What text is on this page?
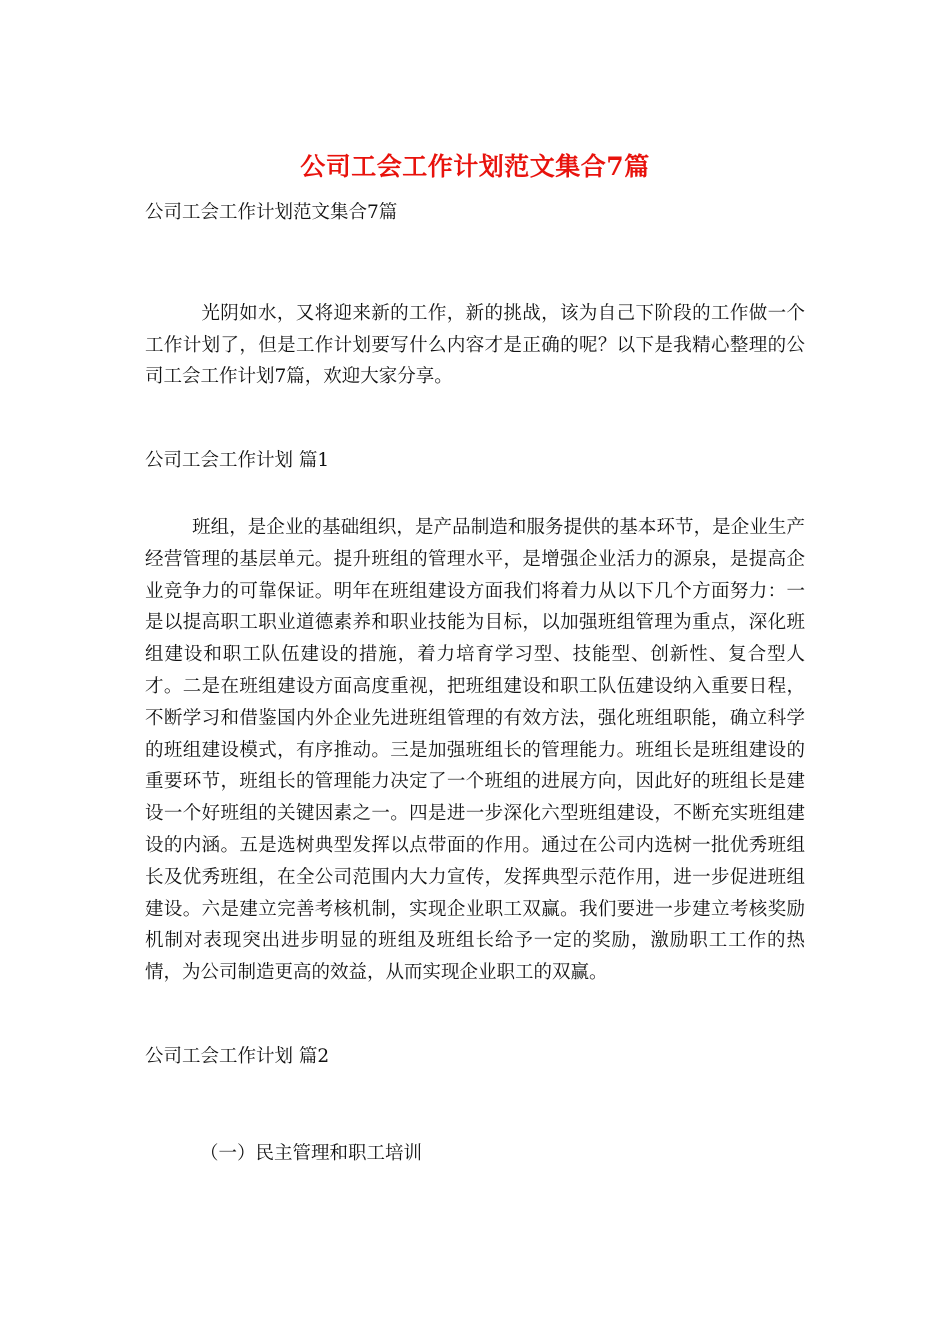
公司工会工作计划范文集合7篇
公司工会工作计划范文集合7篇
光阴如水，又将迎来新的工作，新的挑战，该为自己下阶段的工作做一个工作计划了，但是工作计划要写什么内容才是正确的呢？以下是我精心整理的公司工会工作计划7篇，欢迎大家分享。
公司工会工作计划 篇1
班组，是企业的基础组织，是产品制造和服务提供的基本环节，是企业生产经营管理的基层单元。提升班组的管理水平，是增强企业活力的源泉，是提高企业竞争力的可靠保证。明年在班组建设方面我们将着力从以下几个方面努力：一是以提高职工职业道德素养和职业技能为目标，以加强班组管理为重点，深化班组建设和职工队伍建设的措施，着力培育学习型、技能型、创新性、复合型人才。二是在班组建设方面高度重视，把班组建设和职工队伍建设纳入重要日程，不断学习和借鉴国内外企业先进班组管理的有效方法，强化班组职能，确立科学的班组建设模式，有序推动。三是加强班组长的管理能力。班组长是班组建设的重要环节，班组长的管理能力决定了一个班组的进展方向，因此好的班组长是建设一个好班组的关键因素之一。四是进一步深化六型班组建设，不断充实班组建设的内涵。五是选树典型发挥以点带面的作用。通过在公司内选树一批优秀班组长及优秀班组，在全公司范围内大力宣传，发挥典型示范作用，进一步促进班组建设。六是建立完善考核机制，实现企业职工双赢。我们要进一步建立考核奖励机制对表现突出进步明显的班组及班组长给予一定的奖励，激励职工工作的热情，为公司制造更高的效益，从而实现企业职工的双赢。
公司工会工作计划 篇2
（一）民主管理和职工培训
